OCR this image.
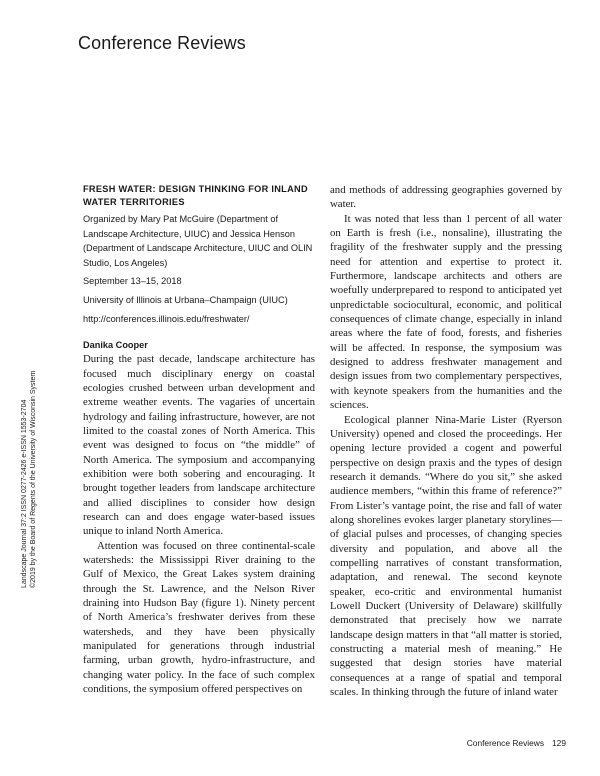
Conference Reviews
Landscape Journal 37:2 ISSN 0277-2426 e-ISSN 1553-2704 ©2019 by the Board of Regents of the University of Wisconsin System
FRESH WATER: DESIGN THINKING FOR INLAND
WATER TERRITORIES

Organized by Mary Pat McGuire (Department of Landscape Architecture, UIUC) and Jessica Henson (Department of Landscape Architecture, UIUC and OLIN Studio, Los Angeles)

September 13–15, 2018

University of Illinois at Urbana–Champaign (UIUC)

http://conferences.illinois.edu/freshwater/

Danika Cooper

During the past decade, landscape architecture has focused much disciplinary energy on coastal ecologies crushed between urban development and extreme weather events. The vagaries of uncertain hydrology and failing infrastructure, however, are not limited to the coastal zones of North America. This event was designed to focus on “the middle” of North America. The symposium and accompanying exhibition were both sobering and encouraging. It brought together leaders from landscape architecture and allied disciplines to consider how design research can and does engage water-based issues unique to inland North America.

Attention was focused on three continental-scale watersheds: the Mississippi River draining to the Gulf of Mexico, the Great Lakes system draining through the St. Lawrence, and the Nelson River draining into Hudson Bay (figure 1). Ninety percent of North America’s freshwater derives from these watersheds, and they have been physically manipulated for generations through industrial farming, urban growth, hydro-infrastructure, and changing water policy. In the face of such complex conditions, the symposium offered perspectives on

and methods of addressing geographies governed by water.

It was noted that less than 1 percent of all water on Earth is fresh (i.e., nonsaline), illustrating the fragility of the freshwater supply and the pressing need for attention and expertise to protect it. Furthermore, landscape architects and others are woefully underprepared to respond to anticipated yet unpredictable sociocultural, economic, and political consequences of climate change, especially in inland areas where the fate of food, forests, and fisheries will be affected. In response, the symposium was designed to address freshwater management and design issues from two complementary perspectives, with keynote speakers from the humanities and the sciences.

Ecological planner Nina-Marie Lister (Ryerson University) opened and closed the proceedings. Her opening lecture provided a cogent and powerful perspective on design praxis and the types of design research it demands. “Where do you sit,” she asked audience members, “within this frame of reference?” From Lister’s vantage point, the rise and fall of water along shorelines evokes larger planetary storylines—of glacial pulses and processes, of changing species diversity and population, and above all the compelling narratives of constant transformation, adaptation, and renewal. The second keynote speaker, eco-critic and environmental humanist Lowell Duckert (University of Delaware) skillfully demonstrated that precisely how we narrate landscape design matters in that “all matter is storied, constructing a material mesh of meaning.” He suggested that design stories have material consequences at a range of spatial and temporal scales. In thinking through the future of inland water

Conference Reviews 129
